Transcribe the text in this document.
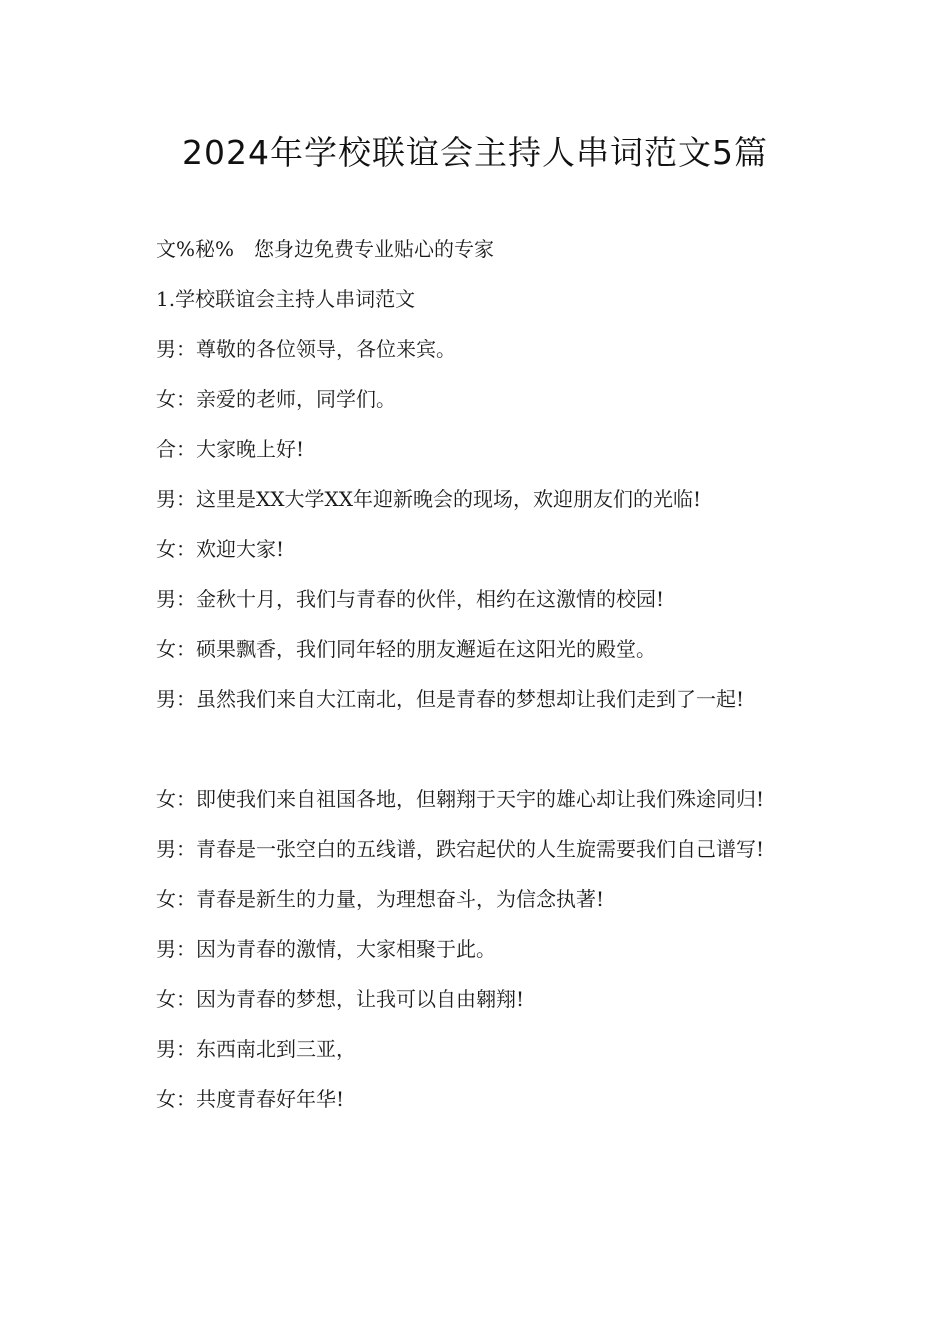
2024年学校联谊会主持人串词范文5篇

文%秘% 您身边免费专业贴心的专家

1.学校联谊会主持人串词范文

男：尊敬的各位领导，各位来宾。

女：亲爱的老师，同学们。

合：大家晚上好!

男：这里是XX大学XX年迎新晚会的现场，欢迎朋友们的光临!

女：欢迎大家!

男：金秋十月，我们与青春的伙伴，相约在这激情的校园!

女：硕果飘香，我们同年轻的朋友邂逅在这阳光的殿堂。

男：虽然我们来自大江南北，但是青春的梦想却让我们走到了一起!

女：即使我们来自祖国各地，但翱翔于天宇的雄心却让我们殊途同归!

男：青春是一张空白的五线谱，跌宕起伏的人生旋需要我们自己谱写!

女：青春是新生的力量，为理想奋斗，为信念执著!

男：因为青春的激情，大家相聚于此。

女：因为青春的梦想，让我可以自由翱翔!

男：东西南北到三亚，

女：共度青春好年华!
